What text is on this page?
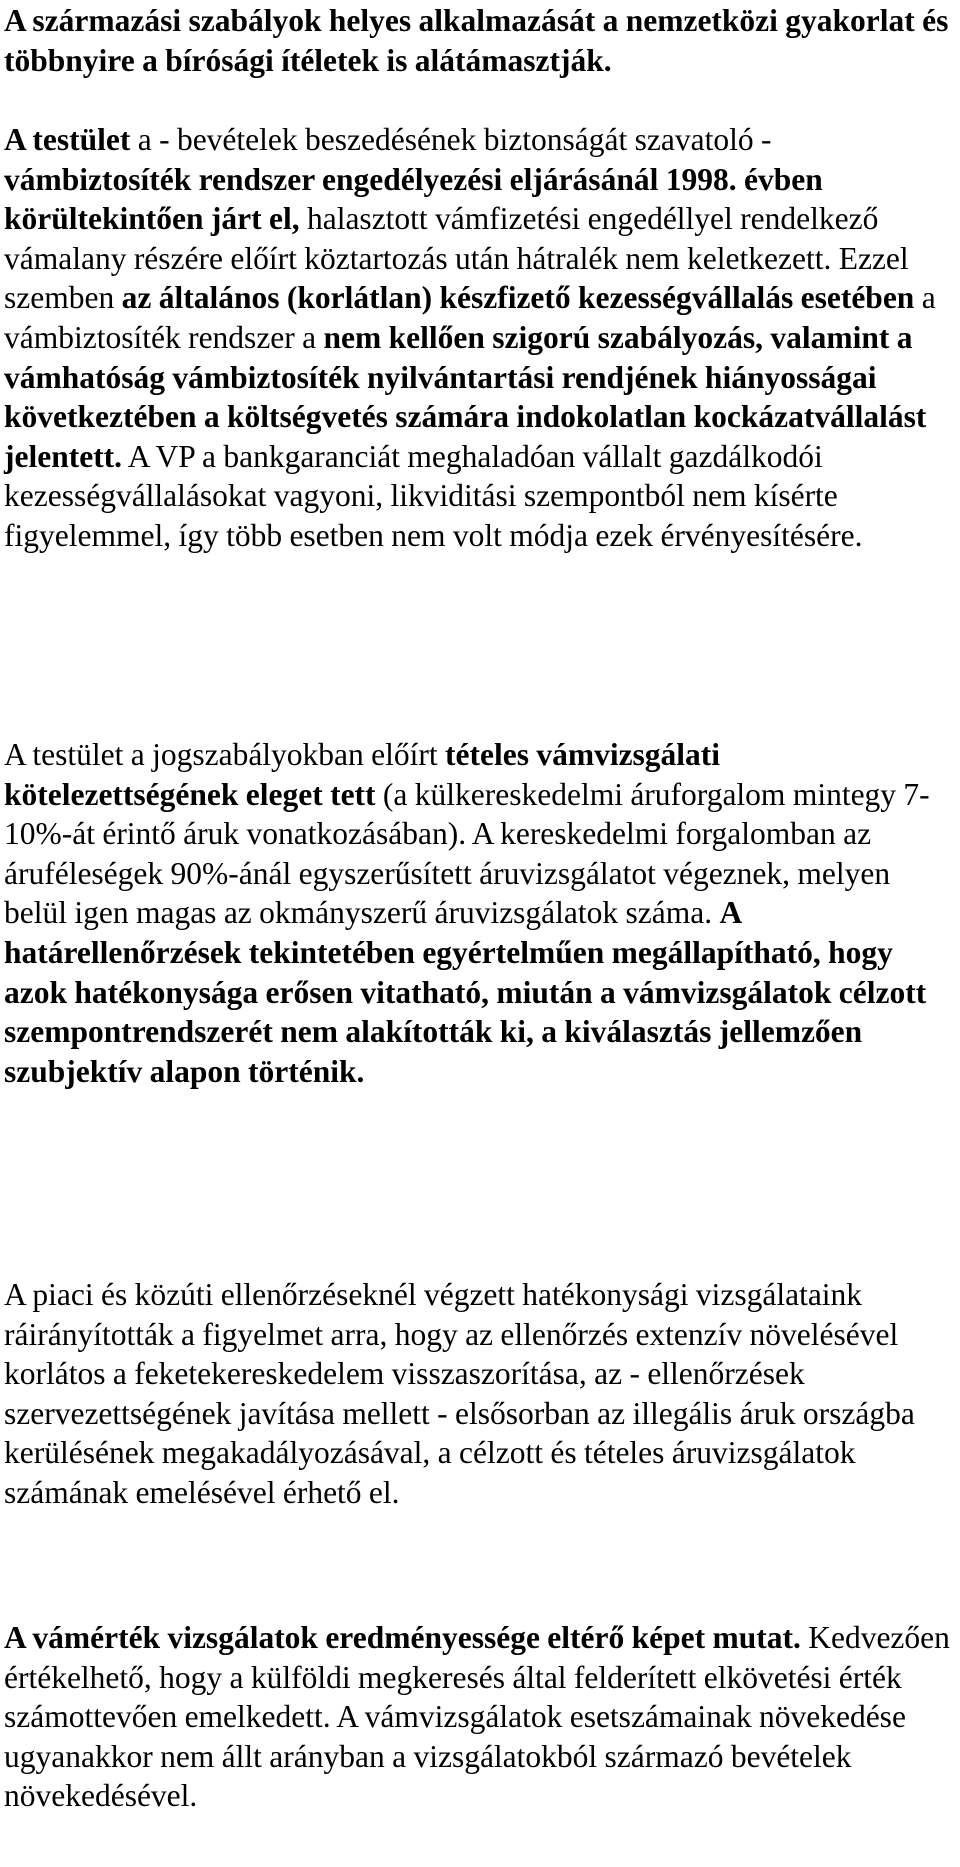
A származási szabályok helyes alkalmazását a nemzetközi gyakorlat és többnyire a bírósági ítéletek is alátámasztják.

A testület a - bevételek beszedésének biztonságát szavatoló - vámbiztosíték rendszer engedélyezési eljárásánál 1998. évben körültekintően járt el, halasztott vámfizetési engedéllyel rendelkező vámalany részére előírt köztartozás után hátralék nem keletkezett. Ezzel szemben az általános (korlátlan) készfizető kezességvállalás esetében a vámbiztosíték rendszer a nem kellően szigorú szabályozás, valamint a vámhatóság vámbiztosíték nyilvántartási rendjének hiányosságai következtében a költségvetés számára indokolatlan kockázatvállalást jelentett. A VP a bankgaranciát meghaladóan vállalt gazdálkodói kezességvállalásokat vagyoni, likviditási szempontból nem kísérte figyelemmel, így több esetben nem volt módja ezek érvényesítésére.

A testület a jogszabályokban előírt tételes vámvizsgálati kötelezettségének eleget tett (a külkereskedelmi áruforgalom mintegy 7-10%-át érintő áruk vonatkozásában). A kereskedelmi forgalomban az áruféleségek 90%-ánál egyszerűsített áruvizsgálatot végeznek, melyen belül igen magas az okmányszerű áruvizsgálatok száma. A határellenőrzések tekintetében egyértelműen megállapítható, hogy azok hatékonysága erősen vitatható, miután a vámvizsgálatok célzott szempontrendszerét nem alakították ki, a kiválasztás jellemzően szubjektív alapon történik.

A piaci és közúti ellenőrzéseknél végzett hatékonysági vizsgálataink ráirányították a figyelmet arra, hogy az ellenőrzés extenzív növelésével korlátos a feketekereskedelem visszaszorítása, az - ellenőrzések szervezettségének javítása mellett - elsősorban az illegális áruk országba kerülésének megakadályozásával, a célzott és tételes áruvizsgálatok számának emelésével érhető el.

A vámérték vizsgálatok eredményessége eltérő képet mutat. Kedvezően értékelhető, hogy a külföldi megkeresés által felderített elkövetési érték számottevően emelkedett. A vámvizsgálatok esetszámainak növekedése ugyanakkor nem állt arányban a vizsgálatokból származó bevételek növekedésével.
